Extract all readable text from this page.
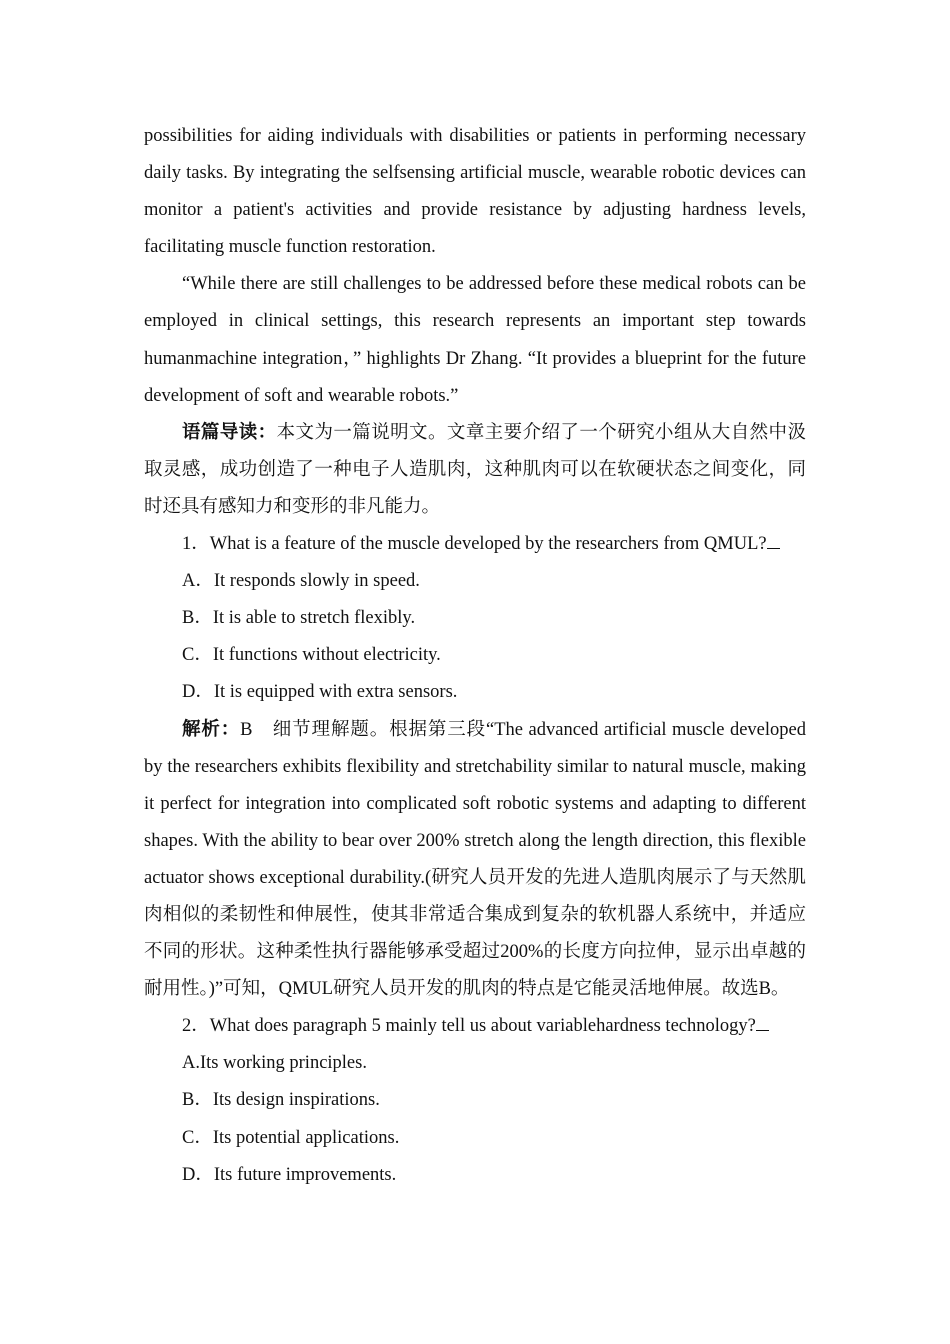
possibilities for aiding individuals with disabilities or patients in performing necessary daily tasks. By integrating the selfsensing artificial muscle, wearable robotic devices can monitor a patient's activities and provide resistance by adjusting hardness levels, facilitating muscle function restoration.

“While there are still challenges to be addressed before these medical robots can be employed in clinical settings, this research represents an important step towards humanmachine integration，” highlights Dr Zhang. “It provides a blueprint for the future development of soft and wearable robots.”

语篇导读：本文为一篇说明文。文章主要介绍了一个研究小组从大自然中汲取灵感，成功创造了一种电子人造肌肉，这种肌肉可以在软硬状态之间变化，同时还具有感知力和变形的非凡能力。

1．What is a feature of the muscle developed by the researchers from QMUL?

A．It responds slowly in speed.

B．It is able to stretch flexibly.

C．It functions without electricity.

D．It is equipped with extra sensors.

解析：B　细节理解题。根据第三段“The advanced artificial muscle developed by the researchers exhibits flexibility and stretchability similar to natural muscle, making it perfect for integration into complicated soft robotic systems and adapting to different shapes. With the ability to bear over 200% stretch along the length direction, this flexible actuator shows exceptional durability.(研究人员开发的先进人造肌肉展示了与天然肌肉相似的柔韧性和伸展性，使其非常适合集成到复杂的软机器人系统中，并适应不同的形状。这种柔性执行器能够承受超过200%的长度方向拉伸，显示出卓越的耐用性。)”可知，QMUL研究人员开发的肌肉的特点是它能灵活地伸展。故选B。

2．What does paragraph 5 mainly tell us about variablehardness technology?

A.Its working principles.

B．Its design inspirations.

C．Its potential applications.

D．Its future improvements.
